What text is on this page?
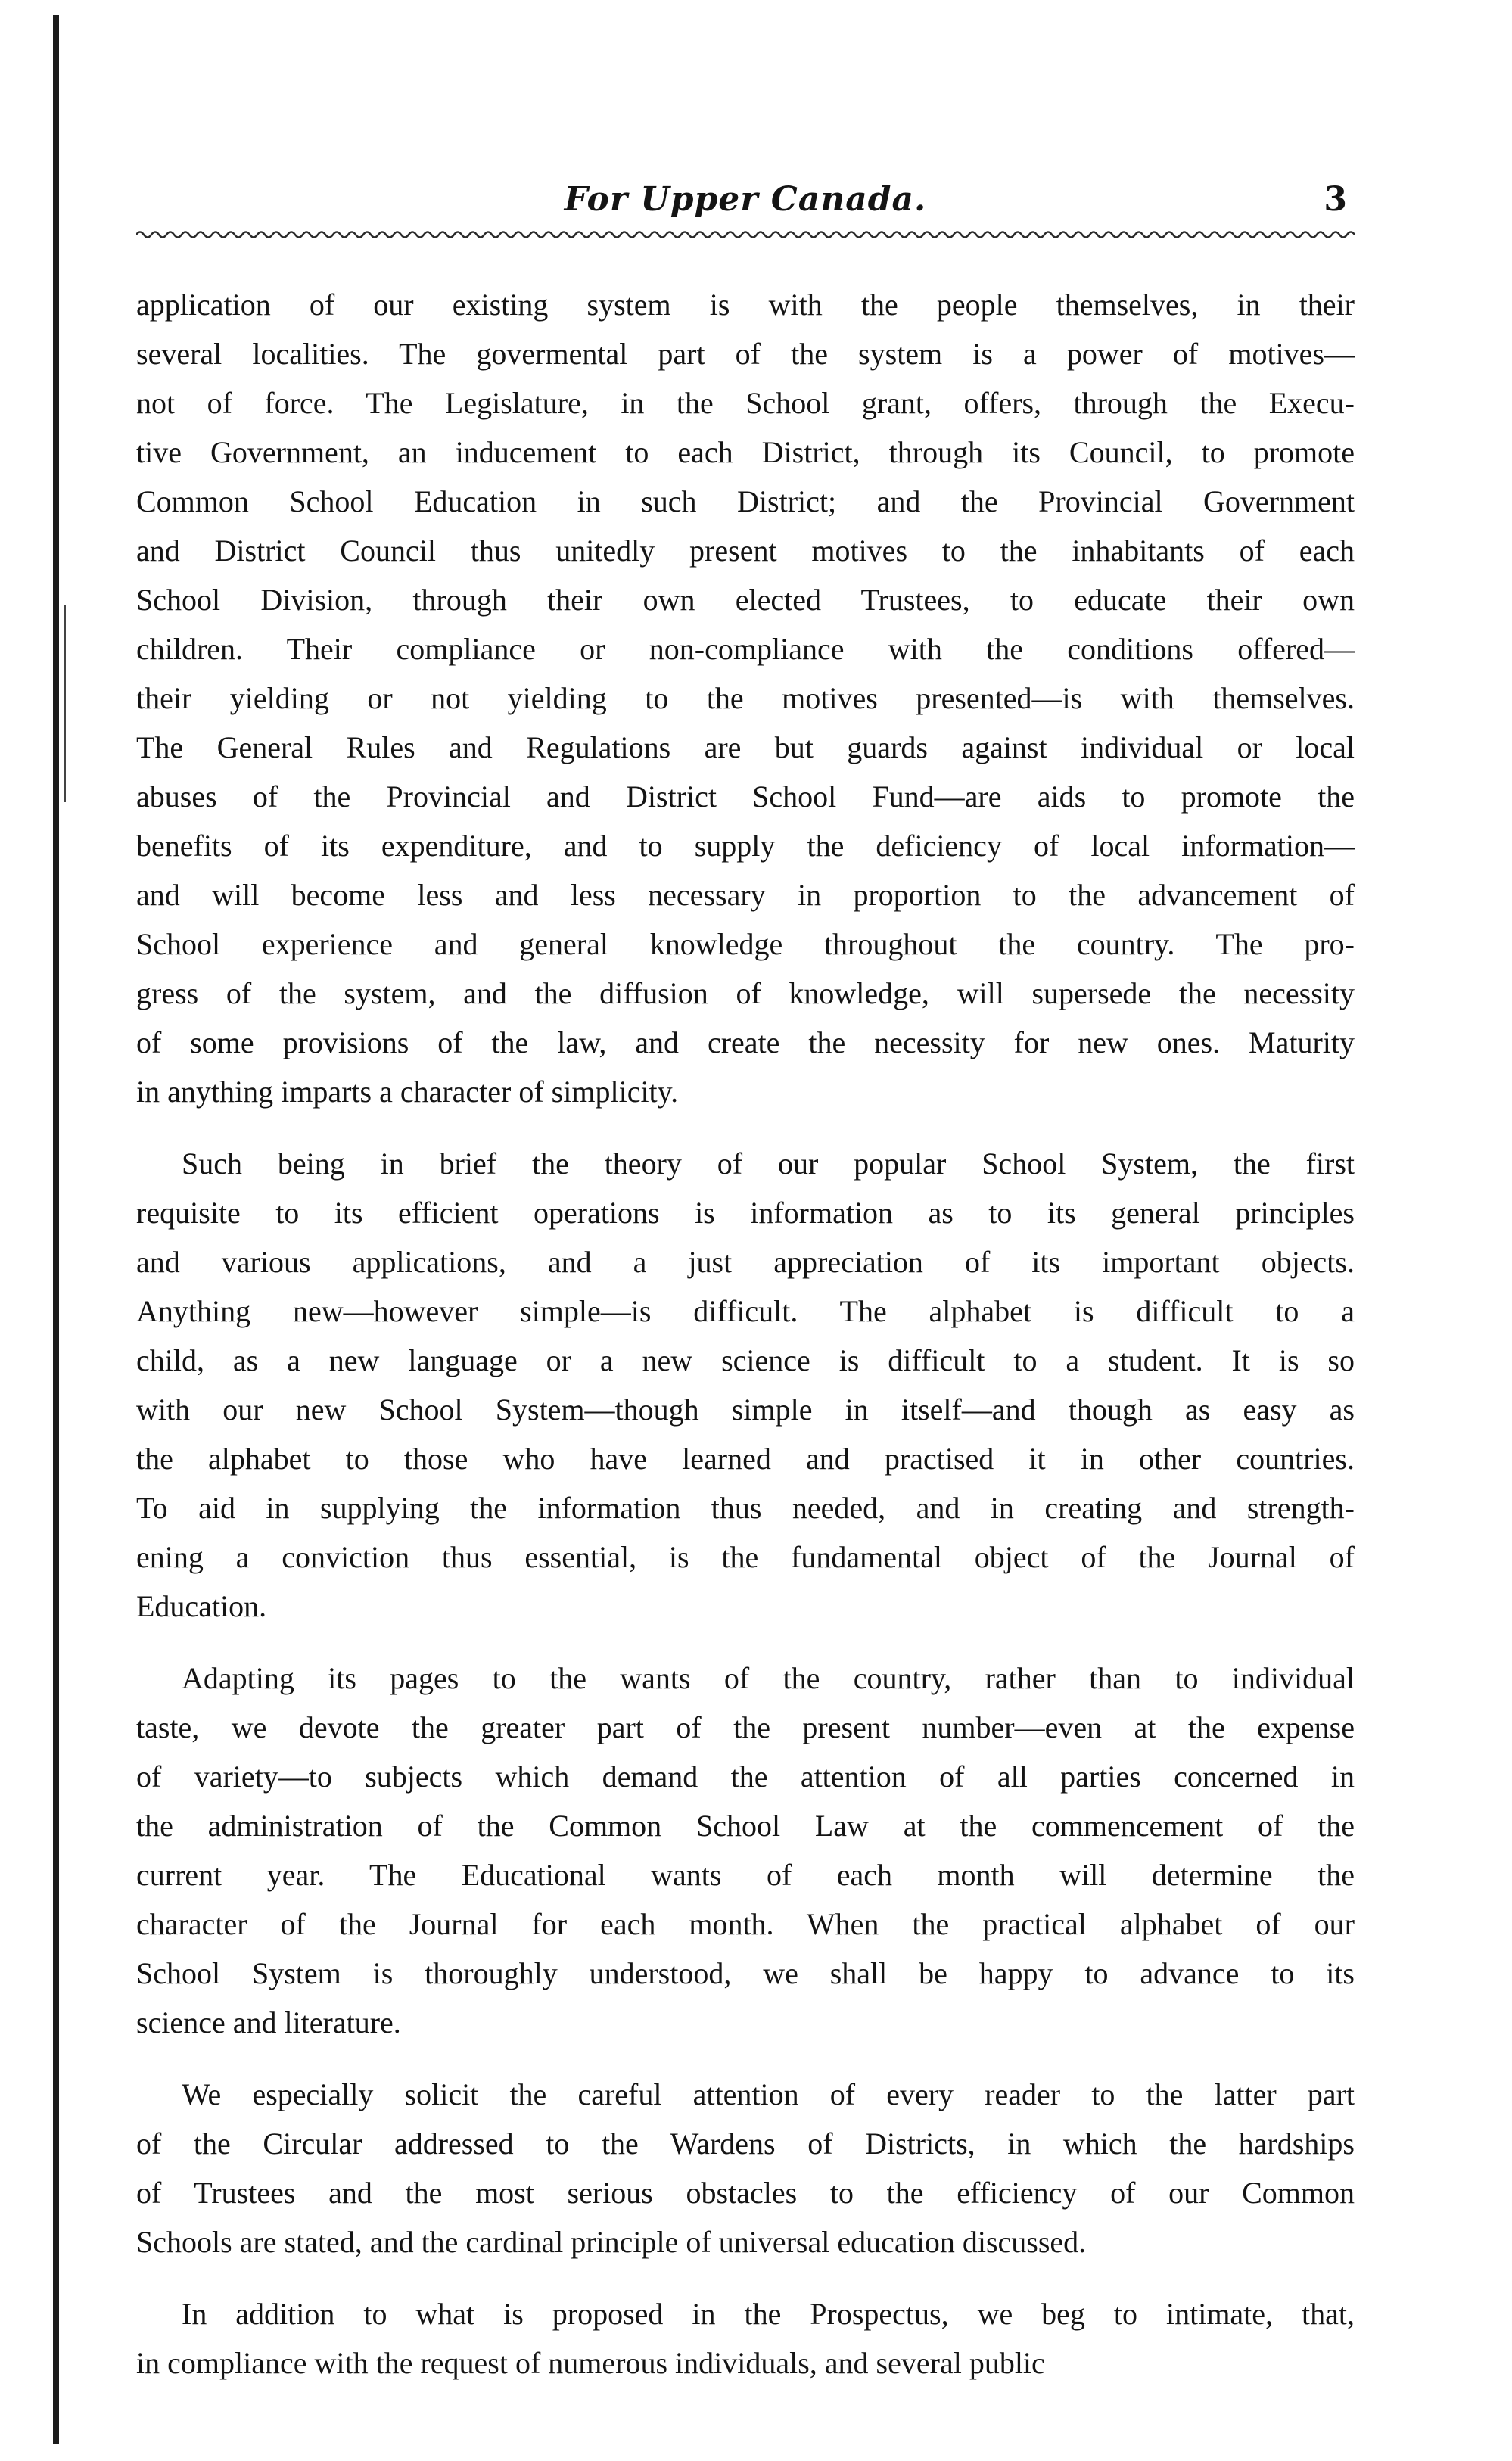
For Upper Canada.	3
application of our existing system is with the people themselves, in their
several localities. The govermental part of the system is a power of motives—
not of force. The Legislature, in the School grant, offers, through the Execu-
tive Government, an inducement to each District, through its Council, to promote
Common School Education in such District; and the Provincial Government
and District Council thus unitedly present motives to the inhabitants of each
School Division, through their own elected Trustees, to educate their own
children. Their compliance or non-compliance with the conditions offered—
their yielding or not yielding to the motives presented—is with themselves.
The General Rules and Regulations are but guards against individual or local
abuses of the Provincial and District School Fund—are aids to promote the
benefits of its expenditure, and to supply the deficiency of local information—
and will become less and less necessary in proportion to the advancement of
School experience and general knowledge throughout the country. The pro-
gress of the system, and the diffusion of knowledge, will supersede the necessity
of some provisions of the law, and create the necessity for new ones. Maturity
in anything imparts a character of simplicity.
Such being in brief the theory of our popular School System, the first
requisite to its efficient operations is information as to its general principles
and various applications, and a just appreciation of its important objects.
Anything new—however simple—is difficult. The alphabet is difficult to a
child, as a new language or a new science is difficult to a student. It is so
with our new School System—though simple in itself—and though as easy as
the alphabet to those who have learned and practised it in other countries.
To aid in supplying the information thus needed, and in creating and strength-
ening a conviction thus essential, is the fundamental object of the Journal of
Education.
Adapting its pages to the wants of the country, rather than to individual
taste, we devote the greater part of the present number—even at the expense
of variety—to subjects which demand the attention of all parties concerned in
the administration of the Common School Law at the commencement of the
current year. The Educational wants of each month will determine the
character of the Journal for each month. When the practical alphabet of our
School System is thoroughly understood, we shall be happy to advance to its
science and literature.
We especially solicit the careful attention of every reader to the latter part
of the Circular addressed to the Wardens of Districts, in which the hardships
of Trustees and the most serious obstacles to the efficiency of our Common
Schools are stated, and the cardinal principle of universal education discussed.
In addition to what is proposed in the Prospectus, we beg to intimate, that,
in compliance with the request of numerous individuals, and several public
